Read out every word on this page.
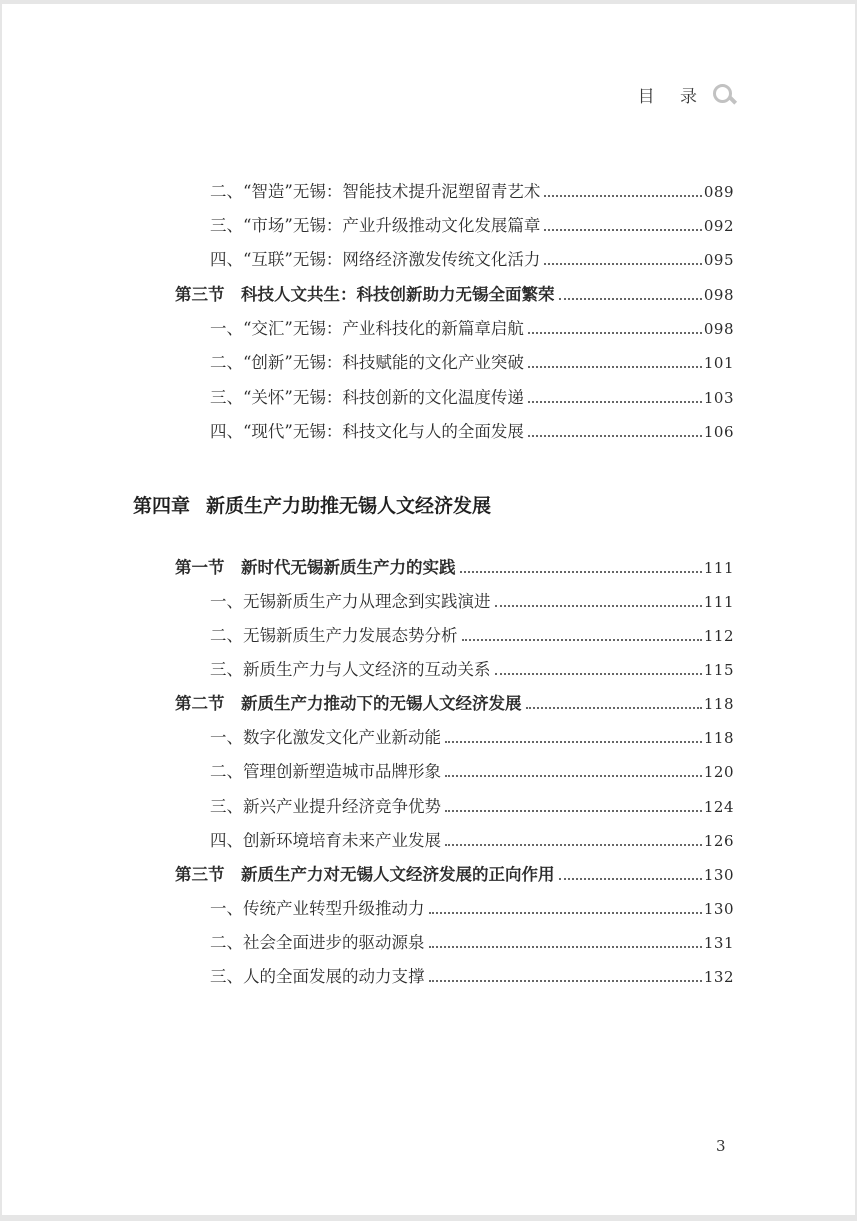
目 录
二、“智造”无锡：智能技术提升泥塑留青艺术	089
三、“市场”无锡：产业升级推动文化发展篇章	092
四、“互联”无锡：网络经济激发传统文化活力	095
第三节　科技人文共生：科技创新助力无锡全面繁荣	098
一、“交汇”无锡：产业科技化的新篇章启航	098
二、“创新”无锡：科技赋能的文化产业突破	101
三、“关怀”无锡：科技创新的文化温度传递	103
四、“现代”无锡：科技文化与人的全面发展	106
第四章 新质生产力助推无锡人文经济发展
第一节　新时代无锡新质生产力的实践	111
一、无锡新质生产力从理念到实践演进	111
二、无锡新质生产力发展态势分析	112
三、新质生产力与人文经济的互动关系	115
第二节　新质生产力推动下的无锡人文经济发展	118
一、数字化激发文化产业新动能	118
二、管理创新塑造城市品牌形象	120
三、新兴产业提升经济竞争优势	124
四、创新环境培育未来产业发展	126
第三节　新质生产力对无锡人文经济发展的正向作用	130
一、传统产业转型升级推动力	130
二、社会全面进步的驱动源泉	131
三、人的全面发展的动力支撑	132
3
